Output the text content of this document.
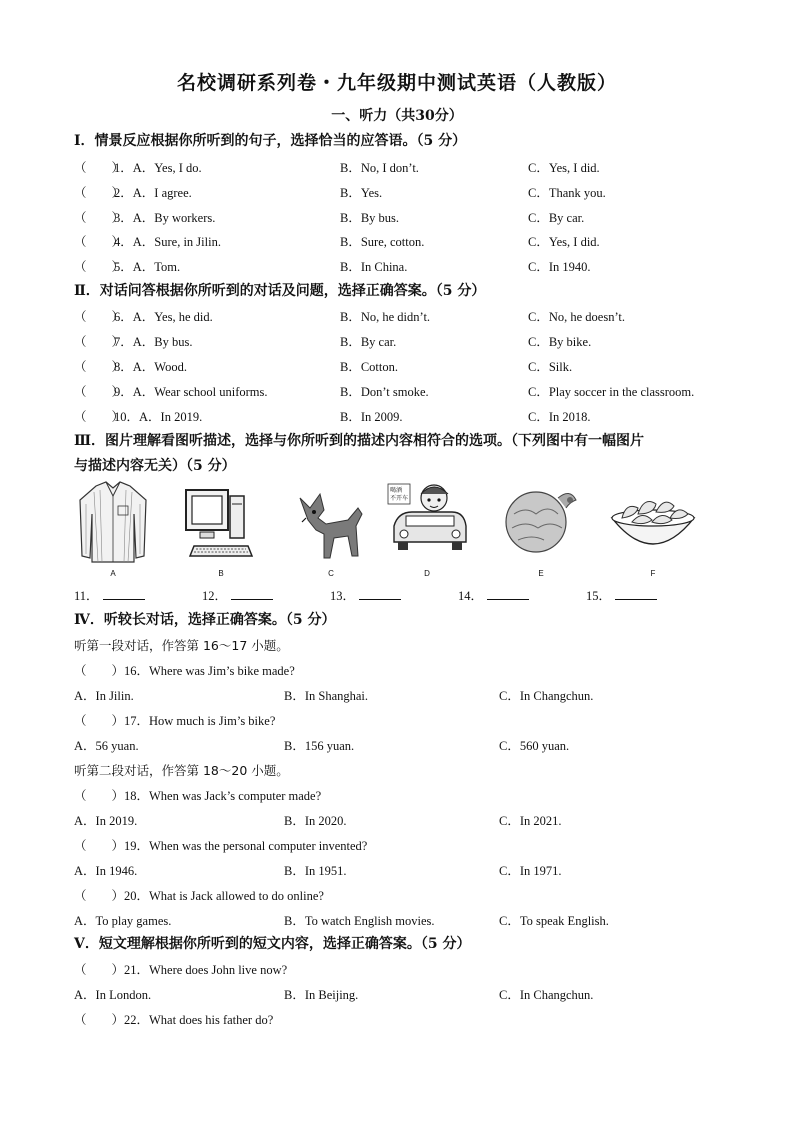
名校调研系列卷・九年级期中测试英语（人教版）
一、听力（共30分）
Ⅰ．情景反应根据你所听到的句子，选择恰当的应答语。（5 分）
（　　）
1．A．Yes, I do.	B．No, I don’t.	C．Yes, I did.
（　　）
2．A．I agree.	B．Yes.	C．Thank you.
（　　）
3．A．By workers.	B．By bus.	C．By car.
（　　）
4．A．Sure, in Jilin.	B．Sure, cotton.	C．Yes, I did.
（　　）
5．A．Tom.	B．In China.	C．In 1940.
Ⅱ．对话问答根据你所听到的对话及问题，选择正确答案。（5 分）
（　　）
6．A．Yes, he did.	B．No, he didn’t.	C．No, he doesn’t.
（　　）
7．A．By bus.	B．By car.	C．By bike.
（　　）
8．A．Wood.	B．Cotton.	C．Silk.
（　　）
9．A．Wear school uniforms.	B．Don’t smoke.	C．Play soccer in the classroom.
（　　）
10．A．In 2019.	B．In 2009.	C．In 2018.
Ⅲ．图片理解看图听描述，选择与你所听到的描述内容相符合的选项。（下列图中有一幅图片
与描述内容无关）（5 分）
A	B	C
喝酒
不开车
D	E	F
11．	12．	13．	14．	15．
Ⅳ．听较长对话，选择正确答案。（5 分）
听第一段对话，作答第 16～17 小题。
（　　）16．Where was Jim’s bike made?
A．In Jilin.	B．In Shanghai.	C．In Changchun.
（　　）17．How much is Jim’s bike?
A．56 yuan.	B．156 yuan.	C．560 yuan.
听第二段对话，作答第 18～20 小题。
（　　）18．When was Jack’s computer made?
A．In 2019.	B．In 2020.	C．In 2021.
（　　）19．When was the personal computer invented?
A．In 1946.	B．In 1951.	C．In 1971.
（　　）20．What is Jack allowed to do online?
A．To play games.	B．To watch English movies.	C．To speak English.
Ⅴ．短文理解根据你所听到的短文内容，选择正确答案。（5 分）
（　　）21．Where does John live now?
A．In London.	B．In Beijing.	C．In Changchun.
（　　）22．What does his father do?
